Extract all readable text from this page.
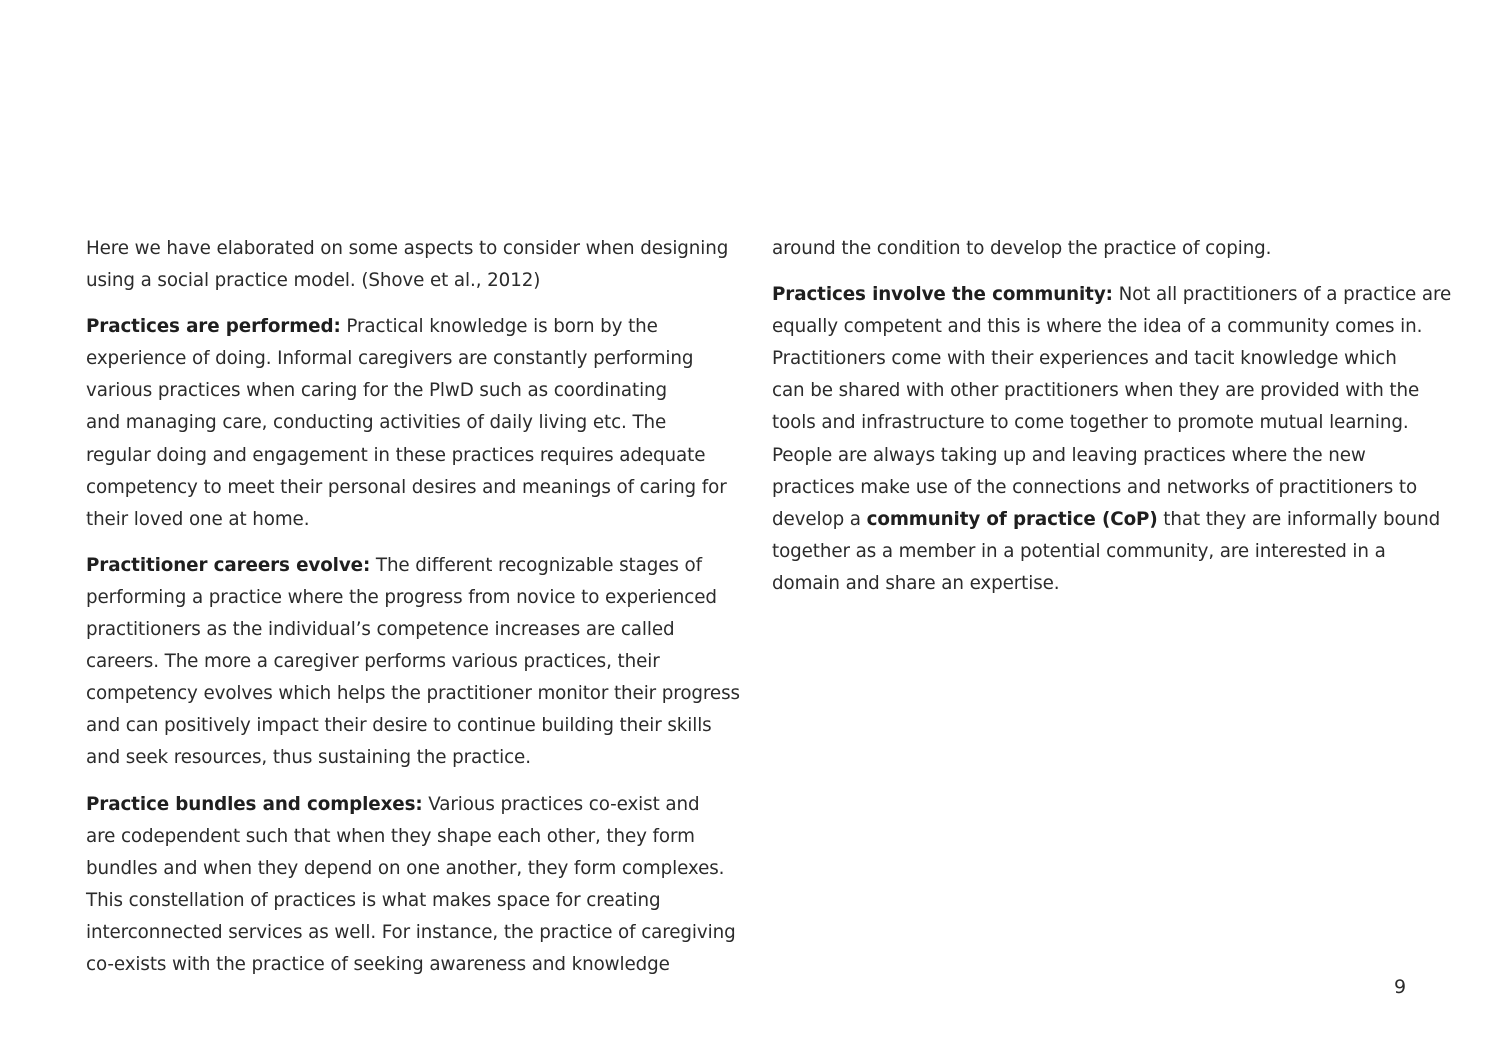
Here we have elaborated on some aspects to consider when designing
using a social practice model. (Shove et al., 2012)

Practices are performed: Practical knowledge is born by the
experience of doing. Informal caregivers are constantly performing
various practices when caring for the PlwD such as coordinating
and managing care, conducting activities of daily living etc. The
regular doing and engagement in these practices requires adequate
competency to meet their personal desires and meanings of caring for
their loved one at home.

Practitioner careers evolve: The different recognizable stages of
performing a practice where the progress from novice to experienced
practitioners as the individual’s competence increases are called
careers. The more a caregiver performs various practices, their
competency evolves which helps the practitioner monitor their progress
and can positively impact their desire to continue building their skills
and seek resources, thus sustaining the practice.

Practice bundles and complexes: Various practices co-exist and
are codependent such that when they shape each other, they form
bundles and when they depend on one another, they form complexes.
This constellation of practices is what makes space for creating
interconnected services as well. For instance, the practice of caregiving
co-exists with the practice of seeking awareness and knowledge

around the condition to develop the practice of coping.

Practices involve the community: Not all practitioners of a practice are
equally competent and this is where the idea of a community comes in.
Practitioners come with their experiences and tacit knowledge which
can be shared with other practitioners when they are provided with the
tools and infrastructure to come together to promote mutual learning.
People are always taking up and leaving practices where the new
practices make use of the connections and networks of practitioners to
develop a community of practice (CoP) that they are informally bound
together as a member in a potential community, are interested in a
domain and share an expertise.

9
